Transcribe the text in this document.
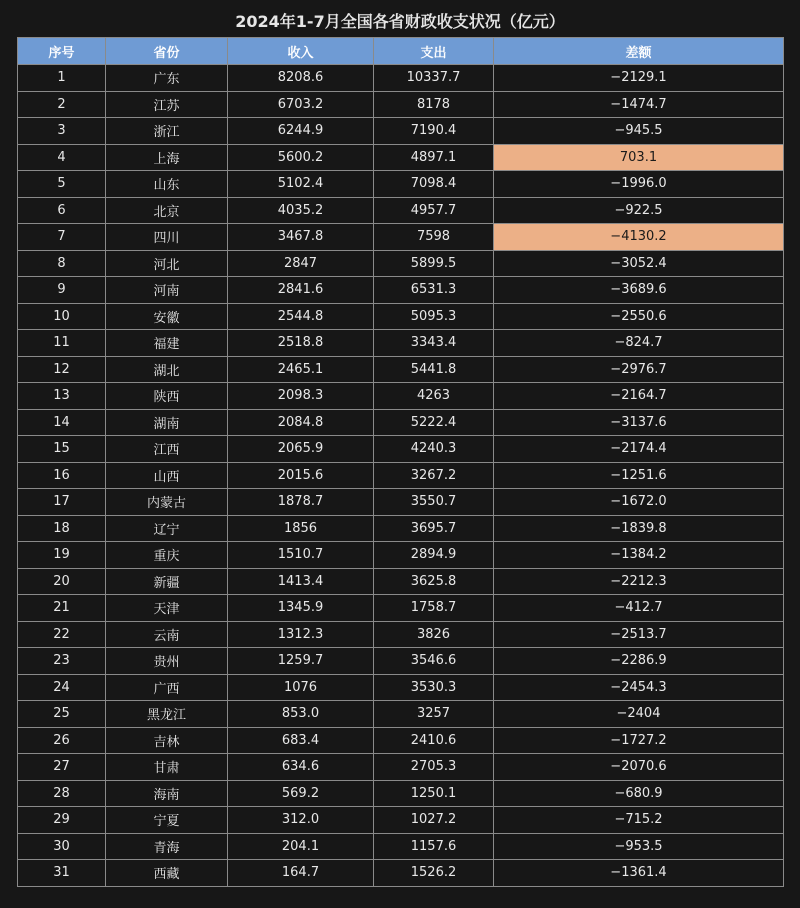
2024年1-7月全国各省财政收支状况（亿元）
序号	省份	收入	支出	差额
1	广东	8208.6	10337.7	−2129.1
2	江苏	6703.2	8178	−1474.7
3	浙江	6244.9	7190.4	−945.5
4	上海	5600.2	4897.1	703.1
5	山东	5102.4	7098.4	−1996.0
6	北京	4035.2	4957.7	−922.5
7	四川	3467.8	7598	−4130.2
8	河北	2847	5899.5	−3052.4
9	河南	2841.6	6531.3	−3689.6
10	安徽	2544.8	5095.3	−2550.6
11	福建	2518.8	3343.4	−824.7
12	湖北	2465.1	5441.8	−2976.7
13	陕西	2098.3	4263	−2164.7
14	湖南	2084.8	5222.4	−3137.6
15	江西	2065.9	4240.3	−2174.4
16	山西	2015.6	3267.2	−1251.6
17	内蒙古	1878.7	3550.7	−1672.0
18	辽宁	1856	3695.7	−1839.8
19	重庆	1510.7	2894.9	−1384.2
20	新疆	1413.4	3625.8	−2212.3
21	天津	1345.9	1758.7	−412.7
22	云南	1312.3	3826	−2513.7
23	贵州	1259.7	3546.6	−2286.9
24	广西	1076	3530.3	−2454.3
25	黑龙江	853.0	3257	−2404
26	吉林	683.4	2410.6	−1727.2
27	甘肃	634.6	2705.3	−2070.6
28	海南	569.2	1250.1	−680.9
29	宁夏	312.0	1027.2	−715.2
30	青海	204.1	1157.6	−953.5
31	西藏	164.7	1526.2	−1361.4
